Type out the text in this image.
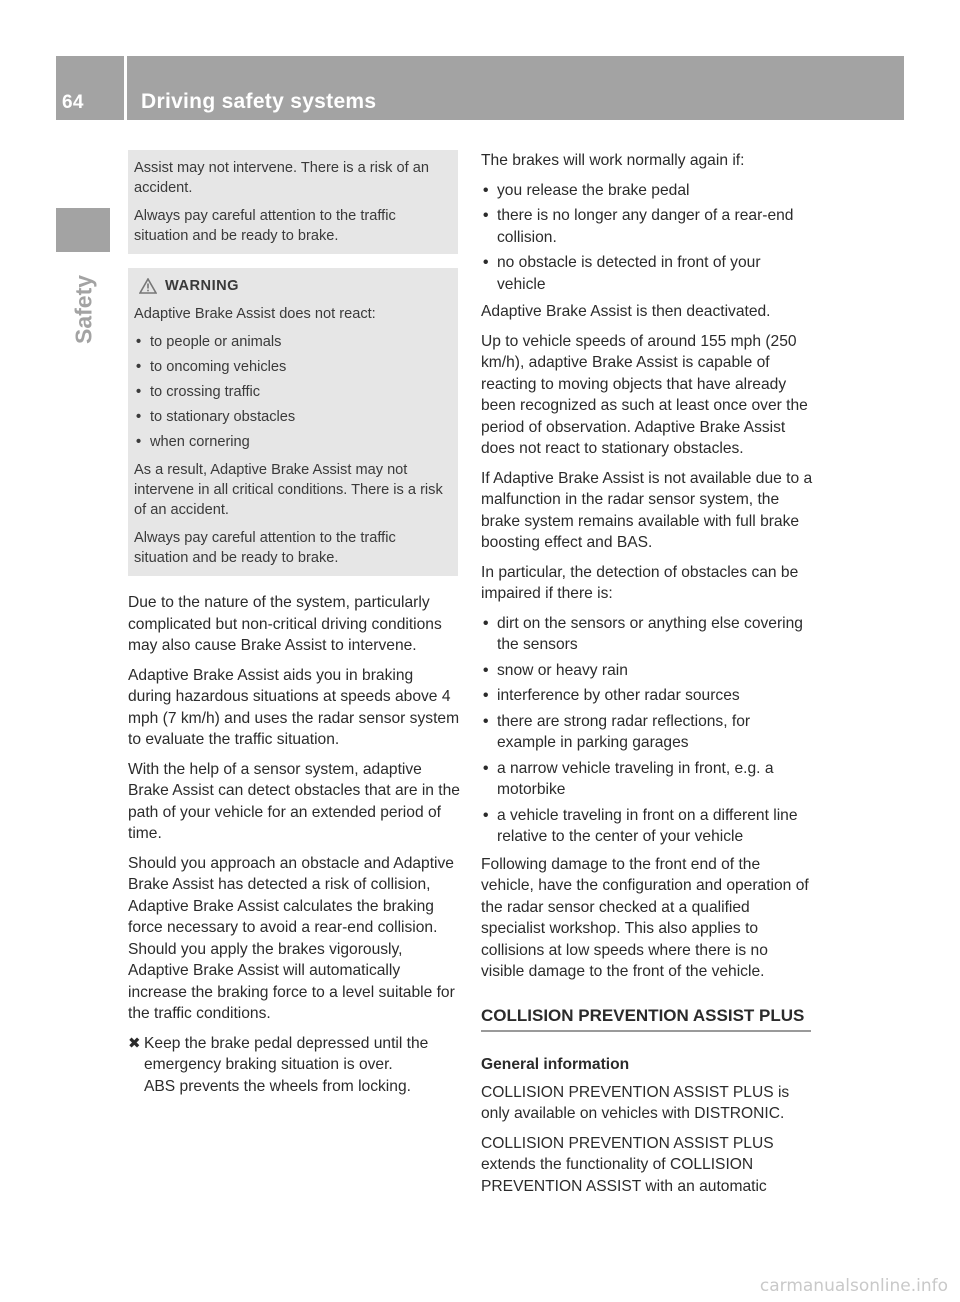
64	Driving safety systems
Safety

Assist may not intervene. There is a risk of an accident.

Always pay careful attention to the traffic situation and be ready to brake.

WARNING

Adaptive Brake Assist does not react:

• to people or animals
• to oncoming vehicles
• to crossing traffic
• to stationary obstacles
• when cornering

As a result, Adaptive Brake Assist may not intervene in all critical conditions. There is a risk of an accident.

Always pay careful attention to the traffic situation and be ready to brake.

Due to the nature of the system, particularly complicated but non-critical driving conditions may also cause Brake Assist to intervene.

Adaptive Brake Assist aids you in braking during hazardous situations at speeds above 4 mph (7 km/h) and uses the radar sensor system to evaluate the traffic situation.

With the help of a sensor system, adaptive Brake Assist can detect obstacles that are in the path of your vehicle for an extended period of time.

Should you approach an obstacle and Adaptive Brake Assist has detected a risk of collision, Adaptive Brake Assist calculates the braking force necessary to avoid a rear-end collision. Should you apply the brakes vigorously, Adaptive Brake Assist will automatically increase the braking force to a level suitable for the traffic conditions.

✖ Keep the brake pedal depressed until the emergency braking situation is over.
ABS prevents the wheels from locking.

The brakes will work normally again if:

• you release the brake pedal
• there is no longer any danger of a rear-end collision.
• no obstacle is detected in front of your vehicle

Adaptive Brake Assist is then deactivated.

Up to vehicle speeds of around 155 mph (250 km/h), adaptive Brake Assist is capable of reacting to moving objects that have already been recognized as such at least once over the period of observation. Adaptive Brake Assist does not react to stationary obstacles.

If Adaptive Brake Assist is not available due to a malfunction in the radar sensor system, the brake system remains available with full brake boosting effect and BAS.

In particular, the detection of obstacles can be impaired if there is:

• dirt on the sensors or anything else covering the sensors
• snow or heavy rain
• interference by other radar sources
• there are strong radar reflections, for example in parking garages
• a narrow vehicle traveling in front, e.g. a motorbike
• a vehicle traveling in front on a different line relative to the center of your vehicle

Following damage to the front end of the vehicle, have the configuration and operation of the radar sensor checked at a qualified specialist workshop. This also applies to collisions at low speeds where there is no visible damage to the front of the vehicle.

COLLISION PREVENTION ASSIST PLUS
General information

COLLISION PREVENTION ASSIST PLUS is only available on vehicles with DISTRONIC.

COLLISION PREVENTION ASSIST PLUS extends the functionality of COLLISION PREVENTION ASSIST with an automatic

carmanualsonline.info
